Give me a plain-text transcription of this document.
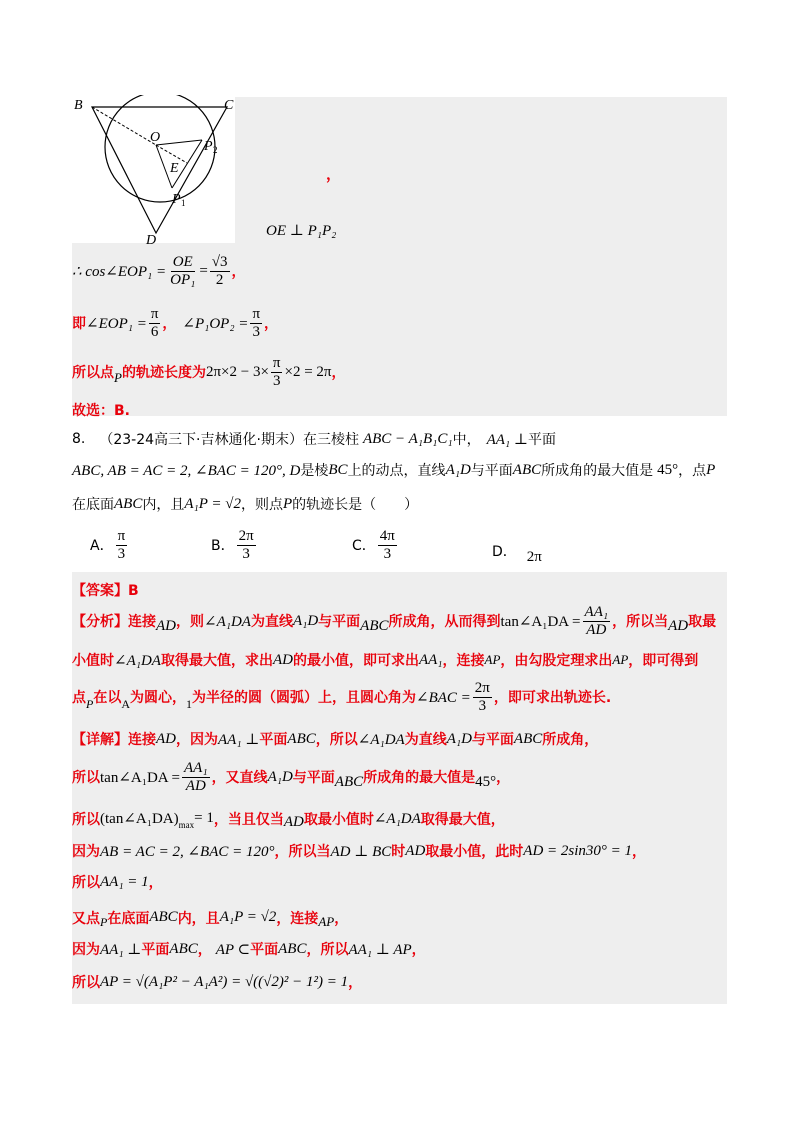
B	C
O
P 2
E
P 1
D
，
OE ⊥ P₁P₂
∴ cos∠EOP₁ = $\frac{OE}{\text{OP₁}} = \frac{√3}{2}$ ，
即 ∠EOP₁ = $\frac{\pi}{6}$ ， ∠P₁OP₂ = $\frac{\pi}{3}$ ，
所以点 P 的轨迹长度为 $2\pi\times 2 - 3\times \frac{\pi}{3} \times 2 = 2\pi$ ，
故选：B.
8. （23-24高三下·吉林通化·期末）在三棱柱 ABC − A₁B₁C₁ 中， AA₁ ⊥ 平面
ABC, AB = AC = 2, ∠BAC = 120°, D 是棱 BC 上的动点，直线 A₁D 与平面 ABC 所成角的最大值是 45° ，点 P
在底面 ABC 内，且 A₁P = √2 ，则点 P 的轨迹长是（　　）
A． $\frac{\pi}{3}$	B． $\frac{2\pi}{3}$	C． $\frac{4\pi}{3}$	D． 2π
【答案】B
【分析】 连接 AD ，则 ∠A₁DA 为直线 A₁D 与平面 ABC 所成角，从而得到 tan∠A₁DA = $\frac{\text{AA₁}}{AD}$ ，所以当 AD 取最
小值时 ∠A₁DA 取得最大值，求出 AD 的最小值，即可求出 AA₁ ，连接 AP ，由勾股定理求出 AP ，即可得到
点 P 在以 A 为圆心， 1 为半径的圆（圆弧）上，且圆心角为 ∠BAC = $\frac{2\pi}{3}$ ，即可求出轨迹长.
【详解】 连接 AD ，因为 AA₁ ⊥ 平面 ABC ，所以 ∠A₁DA 为直线 A₁D 与平面 ABC 所成角，
所以 tan∠A₁DA = $\frac{\text{AA₁}}{AD}$ ，又直线 A₁D 与平面 ABC 所成角的最大值是 45° ，
所以 $(\tan\angle A_1DA)_{max} = 1$ ，当且仅当 AD 取最小值时 ∠A₁DA 取得最大值，
因为 AB = AC = 2, ∠BAC = 120° ，所以当 AD ⊥ BC 时 AD 取最小值，此时 AD = 2sin30° = 1 ，
所以 AA₁ = 1 ，
又点 P 在底面 ABC 内，且 A₁P = √2 ，连接 AP ，
因为 AA₁ ⊥ 平面 ABC ， AP ⊂ 平面 ABC ，所以 AA₁ ⊥ AP ，
所以 AP = √(A₁P² − A₁A²) = √((√2)² − 1²) = 1 ，
